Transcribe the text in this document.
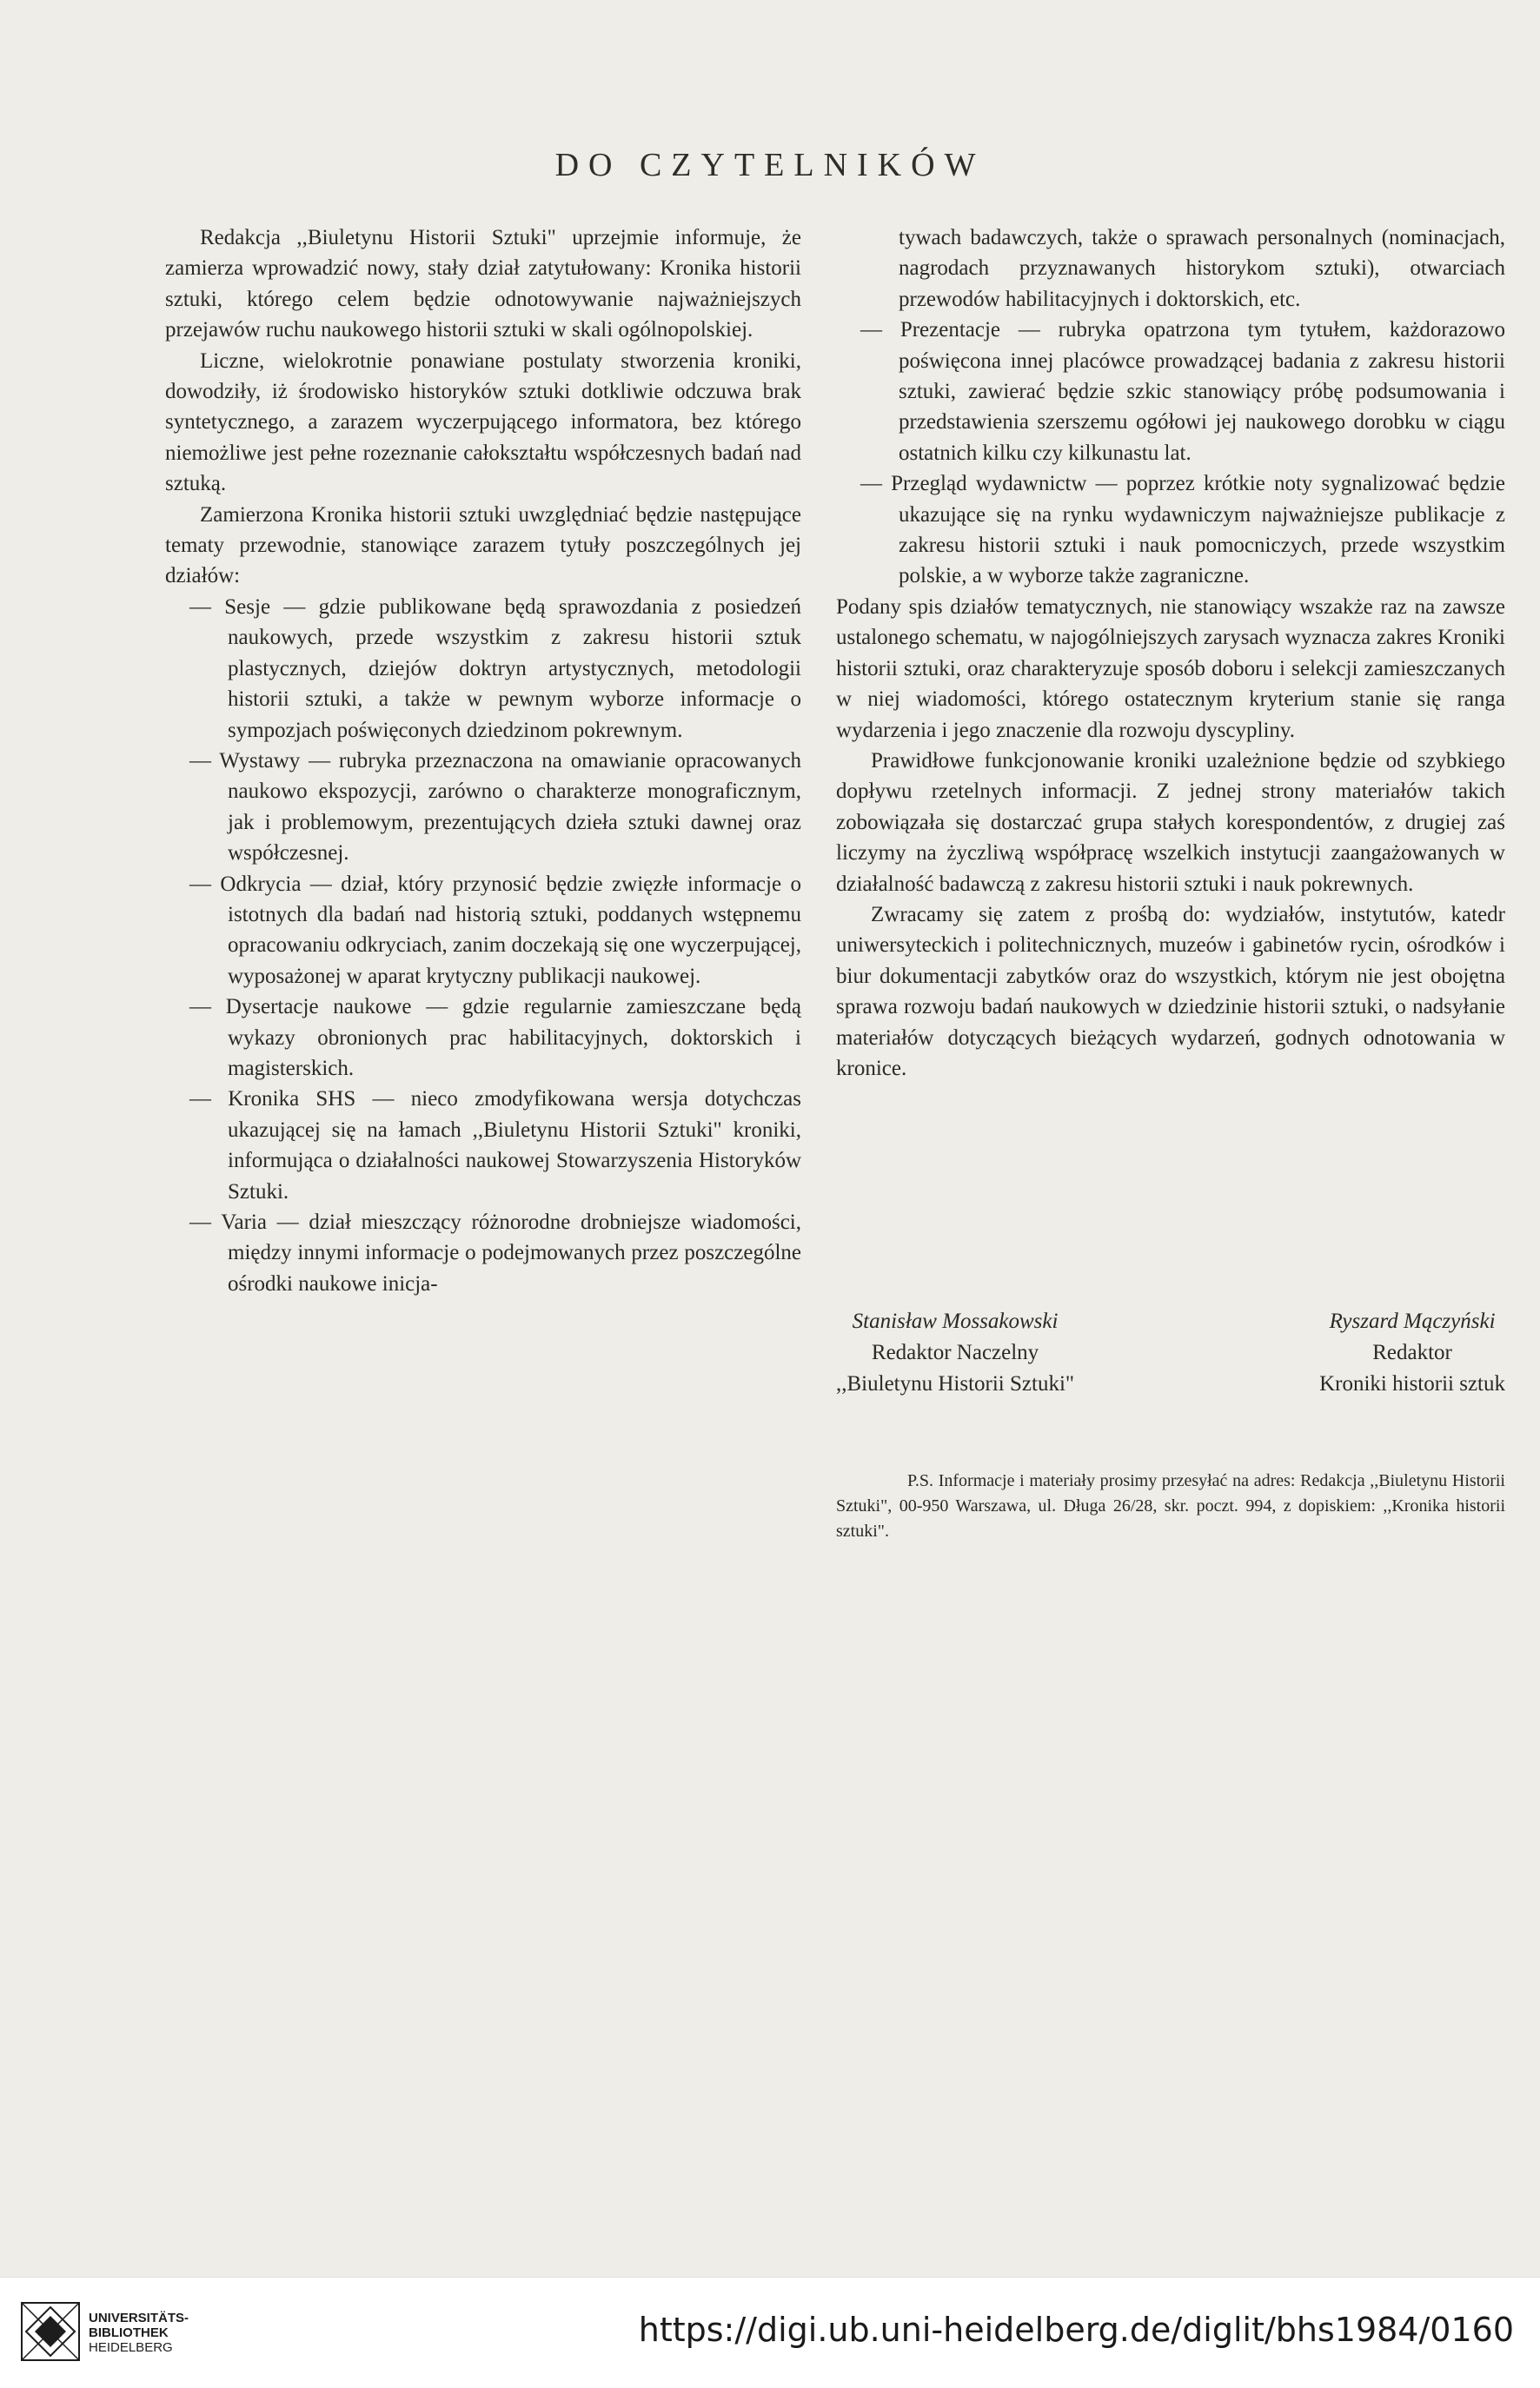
DO CZYTELNIKÓW

Redakcja ,,Biuletynu Historii Sztuki" uprzejmie informuje, że zamierza wprowadzić nowy, stały dział zatytułowany: Kronika historii sztuki, którego celem będzie odnotowywanie najważniejszych przejawów ruchu naukowego historii sztuki w skali ogólnopolskiej.

Liczne, wielokrotnie ponawiane postulaty stworzenia kroniki, dowodziły, iż środowisko historyków sztuki dotkliwie odczuwa brak syntetycznego, a zarazem wyczerpującego informatora, bez którego niemożliwe jest pełne rozeznanie całokształtu współczesnych badań nad sztuką.

Zamierzona Kronika historii sztuki uwzględniać będzie następujące tematy przewodnie, stanowiące zarazem tytuły poszczególnych jej działów:

— Sesje — gdzie publikowane będą sprawozdania z posiedzeń naukowych, przede wszystkim z zakresu historii sztuk plastycznych, dziejów doktryn artystycznych, metodologii historii sztuki, a także w pewnym wyborze informacje o sympozjach poświęconych dziedzinom pokrewnym.

— Wystawy — rubryka przeznaczona na omawianie opracowanych naukowo ekspozycji, zarówno o charakterze monograficznym, jak i problemowym, prezentujących dzieła sztuki dawnej oraz współczesnej.

— Odkrycia — dział, który przynosić będzie zwięzłe informacje o istotnych dla badań nad historią sztuki, poddanych wstępnemu opracowaniu odkryciach, zanim doczekają się one wyczerpującej, wyposażonej w aparat krytyczny publikacji naukowej.

— Dysertacje naukowe — gdzie regularnie zamieszczane będą wykazy obronionych prac habilitacyjnych, doktorskich i magisterskich.

— Kronika SHS — nieco zmodyfikowana wersja dotychczas ukazującej się na łamach ,,Biuletynu Historii Sztuki" kroniki, informująca o działalności naukowej Stowarzyszenia Historyków Sztuki.

— Varia — dział mieszczący różnorodne drobniejsze wiadomości, między innymi informacje o podejmowanych przez poszczególne ośrodki naukowe inicja-

tywach badawczych, także o sprawach personalnych (nominacjach, nagrodach przyznawanych historykom sztuki), otwarciach przewodów habilitacyjnych i doktorskich, etc.

— Prezentacje — rubryka opatrzona tym tytułem, każdorazowo poświęcona innej placówce prowadzącej badania z zakresu historii sztuki, zawierać będzie szkic stanowiący próbę podsumowania i przedstawienia szerszemu ogółowi jej naukowego dorobku w ciągu ostatnich kilku czy kilkunastu lat.

— Przegląd wydawnictw — poprzez krótkie noty sygnalizować będzie ukazujące się na rynku wydawniczym najważniejsze publikacje z zakresu historii sztuki i nauk pomocniczych, przede wszystkim polskie, a w wyborze także zagraniczne.

Podany spis działów tematycznych, nie stanowiący wszakże raz na zawsze ustalonego schematu, w najogólniejszych zarysach wyznacza zakres Kroniki historii sztuki, oraz charakteryzuje sposób doboru i selekcji zamieszczanych w niej wiadomości, którego ostatecznym kryterium stanie się ranga wydarzenia i jego znaczenie dla rozwoju dyscypliny.

Prawidłowe funkcjonowanie kroniki uzależnione będzie od szybkiego dopływu rzetelnych informacji. Z jednej strony materiałów takich zobowiązała się dostarczać grupa stałych korespondentów, z drugiej zaś liczymy na życzliwą współpracę wszelkich instytucji zaangażowanych w działalność badawczą z zakresu historii sztuki i nauk pokrewnych.

Zwracamy się zatem z prośbą do: wydziałów, instytutów, katedr uniwersyteckich i politechnicznych, muzeów i gabinetów rycin, ośrodków i biur dokumentacji zabytków oraz do wszystkich, którym nie jest obojętna sprawa rozwoju badań naukowych w dziedzinie historii sztuki, o nadsyłanie materiałów dotyczących bieżących wydarzeń, godnych odnotowania w kronice.

Stanisław Mossakowski
Redaktor Naczelny
,,Biuletynu Historii Sztuki"
Ryszard Mączyński
Redaktor
Kroniki historii sztuk

P.S. Informacje i materiały prosimy przesyłać na adres: Redakcja ,,Biuletynu Historii Sztuki", 00-950 Warszawa, ul. Długa 26/28, skr. poczt. 994, z dopiskiem: ,,Kronika historii sztuki".

UNIVERSITÄTS-
BIBLIOTHEK
HEIDELBERG	https://digi.ub.uni-heidelberg.de/diglit/bhs1984/0160
